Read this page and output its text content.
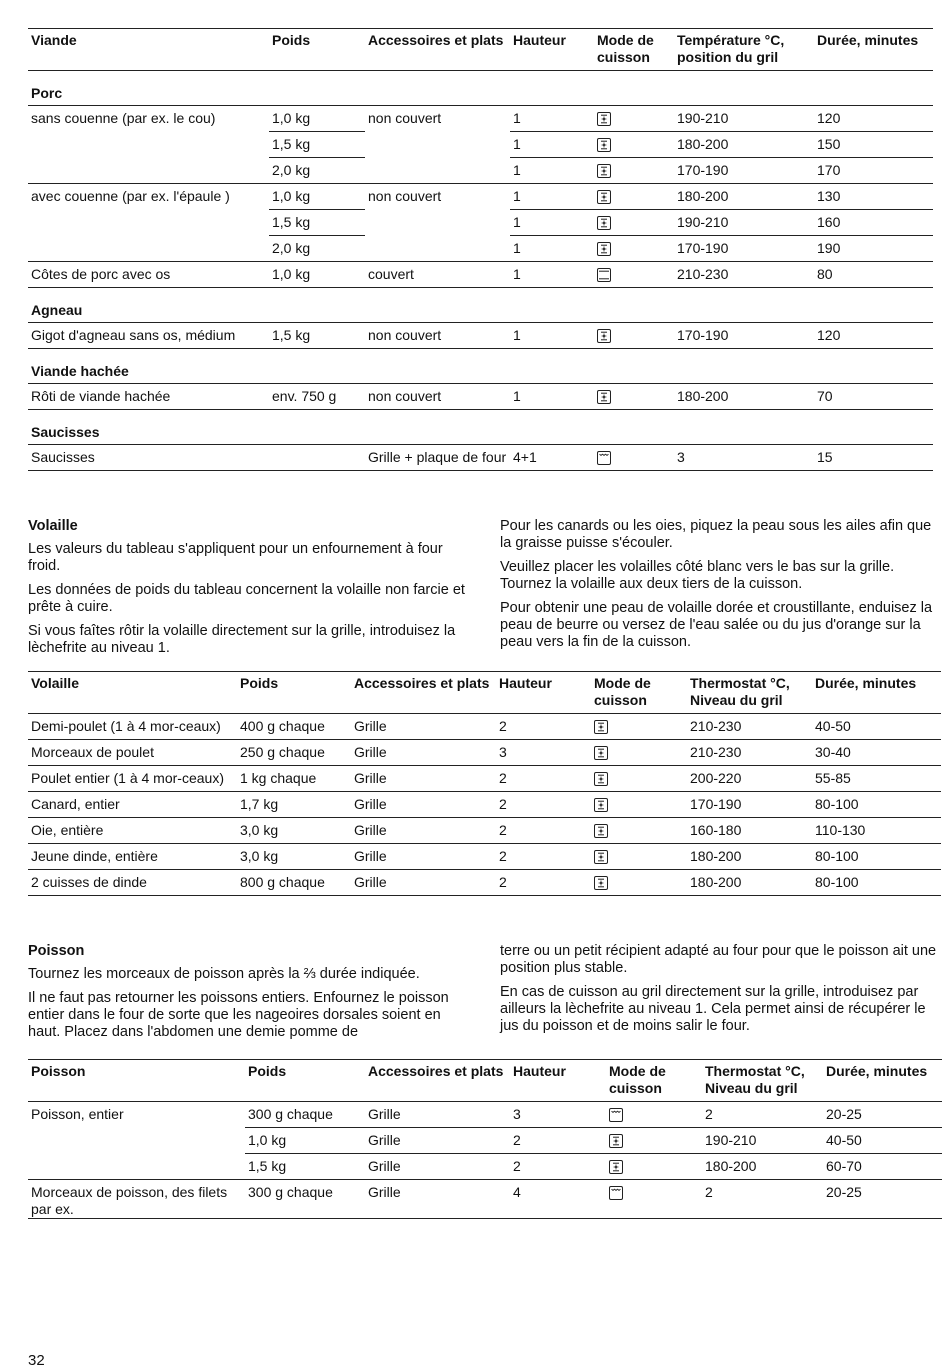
Viande	Poids	Accessoires et plats	Hauteur	Mode de cuisson	Température °C, position du gril	Durée, minutes
Porc						
sans couenne (par ex. le cou)	1,0 kg	non couvert	1		190-210	120
	1,5 kg		1		180-200	150
	2,0 kg		1		170-190	170
avec couenne (par ex. l'épaule )	1,0 kg	non couvert	1		180-200	130
	1,5 kg		1		190-210	160
	2,0 kg		1		170-190	190
Côtes de porc avec os	1,0 kg	couvert	1		210-230	80
Agneau						
Gigot d'agneau sans os, médium	1,5 kg	non couvert	1		170-190	120
Viande hachée						
Rôti de viande hachée	env. 750 g	non couvert	1		180-200	70
Saucisses						
Saucisses		Grille + plaque de four	4+1		3	15
Volaille

Les valeurs du tableau s'appliquent pour un enfournement à four froid.

Les données de poids du tableau concernent la volaille non farcie et prête à cuire.

Si vous faîtes rôtir la volaille directement sur la grille, introduisez la lèchefrite au niveau 1.

Pour les canards ou les oies, piquez la peau sous les ailes afin que la graisse puisse s'écouler.

Veuillez placer les volailles côté blanc vers le bas sur la grille. Tournez la volaille aux deux tiers de la cuisson.

Pour obtenir une peau de volaille dorée et croustillante, enduisez la peau de beurre ou versez de l'eau salée ou du jus d'orange sur la peau vers la fin de la cuisson.

Volaille	Poids	Accessoires et plats	Hauteur	Mode de cuisson	Thermostat °C, Niveau du gril	Durée, minutes
Demi-poulet (1 à 4 mor-ceaux)	400 g chaque	Grille	2		210-230	40-50
Morceaux de poulet	250 g chaque	Grille	3		210-230	30-40
Poulet entier (1 à 4 mor-ceaux)	1 kg chaque	Grille	2		200-220	55-85
Canard, entier	1,7 kg	Grille	2		170-190	80-100
Oie, entière	3,0 kg	Grille	2		160-180	110-130
Jeune dinde, entière	3,0 kg	Grille	2		180-200	80-100
2 cuisses de dinde	800 g chaque	Grille	2		180-200	80-100
Poisson

Tournez les morceaux de poisson après la ⅔ durée indiquée.

Il ne faut pas retourner les poissons entiers. Enfournez le poisson entier dans le four de sorte que les nageoires dorsales soient en haut. Placez dans l'abdomen une demie pomme de

terre ou un petit récipient adapté au four pour que le poisson ait une position plus stable.

En cas de cuisson au gril directement sur la grille, introduisez par ailleurs la lèchefrite au niveau 1. Cela permet ainsi de récupérer le jus du poisson et de moins salir le four.

Poisson	Poids	Accessoires et plats	Hauteur	Mode de cuisson	Thermostat °C, Niveau du gril	Durée, minutes
Poisson, entier	300 g chaque	Grille	3		2	20-25
	1,0 kg	Grille	2		190-210	40-50
	1,5 kg	Grille	2		180-200	60-70
Morceaux de poisson, des filets par ex.	300 g chaque	Grille	4		2	20-25
32
